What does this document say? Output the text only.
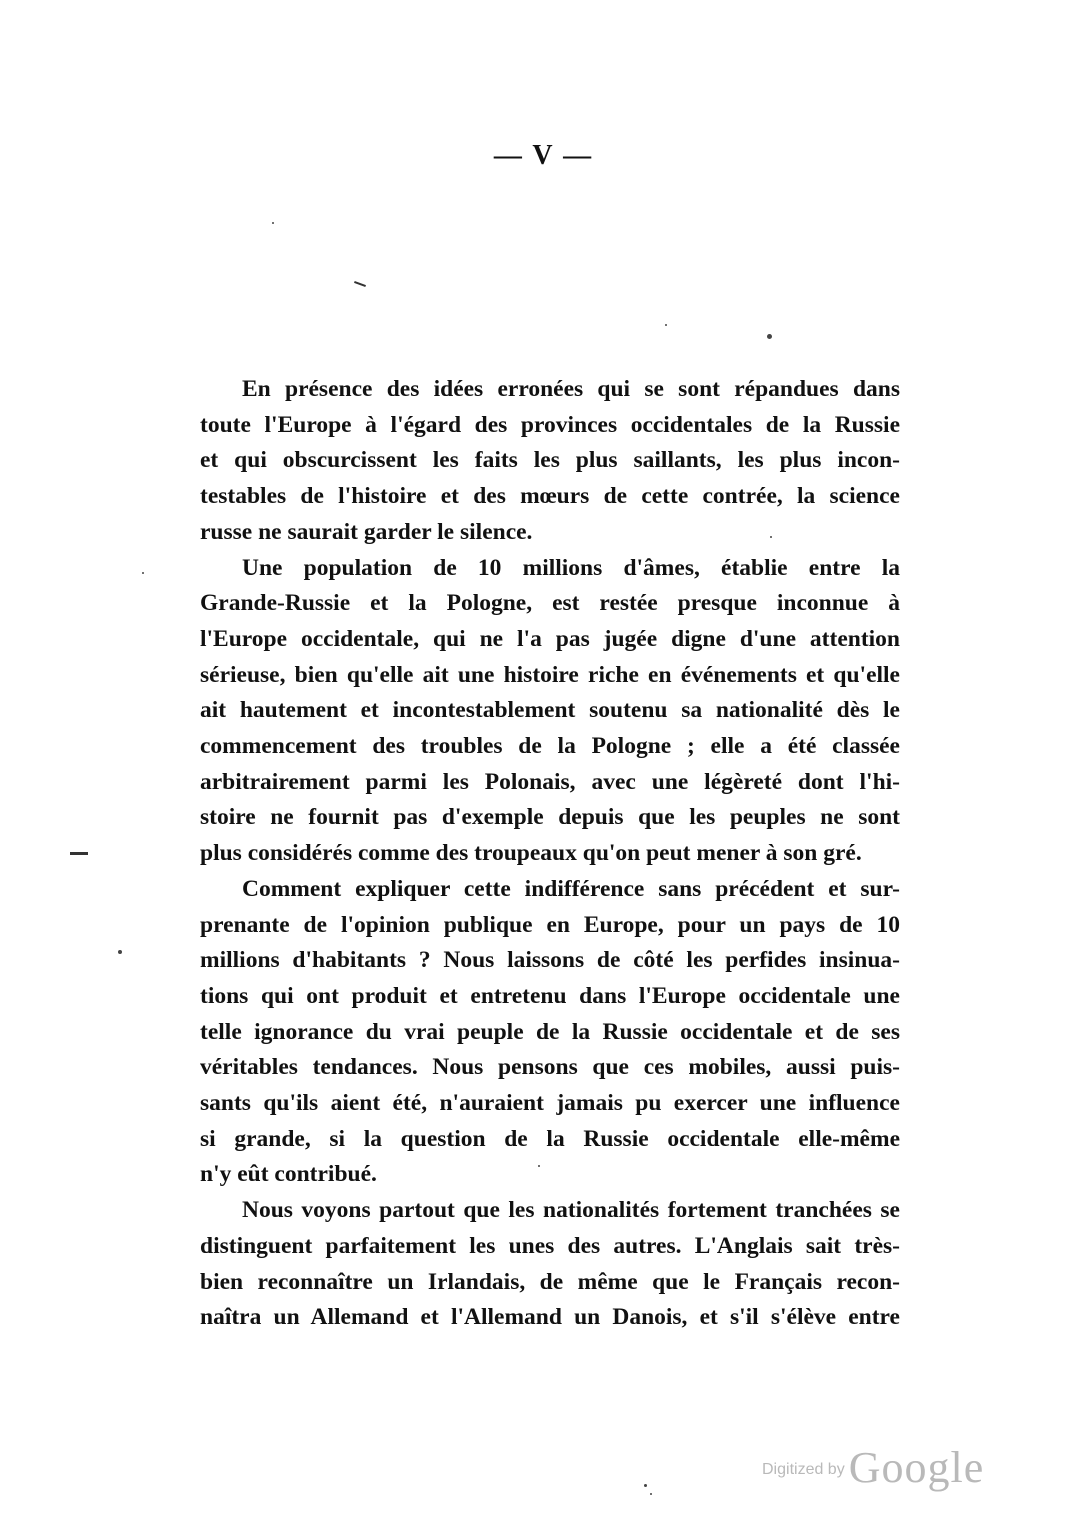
— V —
En présence des idées erronées qui se sont répandues dans
toute l'Europe à l'égard des provinces occidentales de la Russie
et qui obscurcissent les faits les plus saillants, les plus incon-
testables de l'histoire et des mœurs de cette contrée, la science
russe ne saurait garder le silence.
Une population de 10 millions d'âmes, établie entre la
Grande-Russie et la Pologne, est restée presque inconnue à
l'Europe occidentale, qui ne l'a pas jugée digne d'une attention
sérieuse, bien qu'elle ait une histoire riche en événements et qu'elle
ait hautement et incontestablement soutenu sa nationalité dès le
commencement des troubles de la Pologne ; elle a été classée
arbitrairement parmi les Polonais, avec une légèreté dont l'hi-
stoire ne fournit pas d'exemple depuis que les peuples ne sont
plus considérés comme des troupeaux qu'on peut mener à son gré.
Comment expliquer cette indifférence sans précédent et sur-
prenante de l'opinion publique en Europe, pour un pays de 10
millions d'habitants ? Nous laissons de côté les perfides insinua-
tions qui ont produit et entretenu dans l'Europe occidentale une
telle ignorance du vrai peuple de la Russie occidentale et de ses
véritables tendances. Nous pensons que ces mobiles, aussi puis-
sants qu'ils aient été, n'auraient jamais pu exercer une influence
si grande, si la question de la Russie occidentale elle-même
n'y eût contribué.
Nous voyons partout que les nationalités fortement tranchées se
distinguent parfaitement les unes des autres. L'Anglais sait très-
bien reconnaître un Irlandais, de même que le Français recon-
naîtra un Allemand et l'Allemand un Danois, et s'il s'élève entre
Digitized byGoogle
